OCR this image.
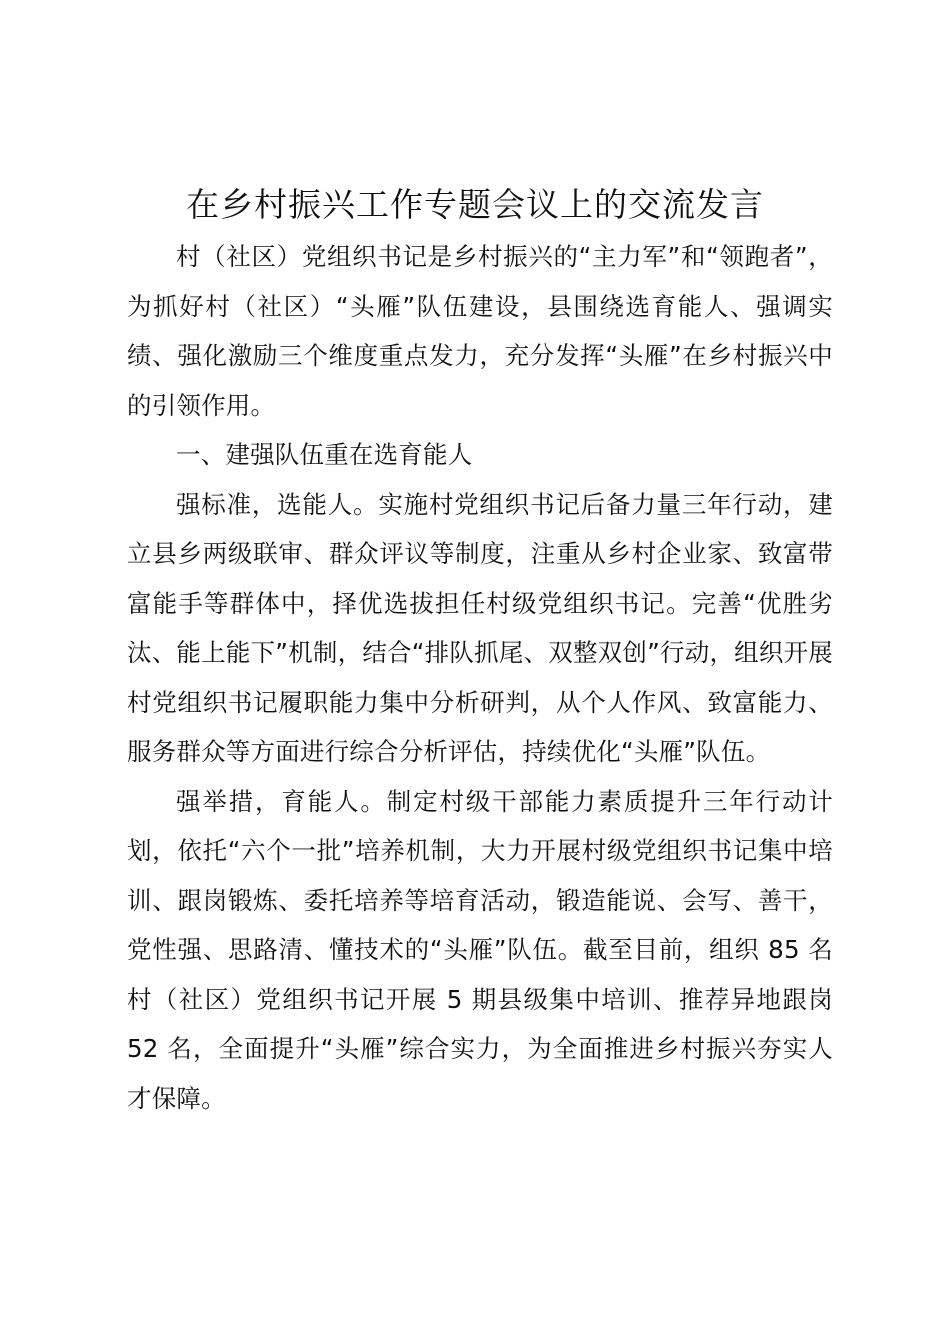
在乡村振兴工作专题会议上的交流发言

村（社区）党组织书记是乡村振兴的“主力军”和“领跑者”，为抓好村（社区）“头雁”队伍建设，县围绕选育能人、强调实绩、强化激励三个维度重点发力，充分发挥“头雁”在乡村振兴中的引领作用。

一、建强队伍重在选育能人

强标准，选能人。实施村党组织书记后备力量三年行动，建立县乡两级联审、群众评议等制度，注重从乡村企业家、致富带富能手等群体中，择优选拔担任村级党组织书记。完善“优胜劣汰、能上能下”机制，结合“排队抓尾、双整双创”行动，组织开展村党组织书记履职能力集中分析研判，从个人作风、致富能力、服务群众等方面进行综合分析评估，持续优化“头雁”队伍。

强举措，育能人。制定村级干部能力素质提升三年行动计划，依托“六个一批”培养机制，大力开展村级党组织书记集中培训、跟岗锻炼、委托培养等培育活动，锻造能说、会写、善干，党性强、思路清、懂技术的“头雁”队伍。截至目前，组织 85 名村（社区）党组织书记开展 5 期县级集中培训、推荐异地跟岗 52 名，全面提升“头雁”综合实力，为全面推进乡村振兴夯实人才保障。
